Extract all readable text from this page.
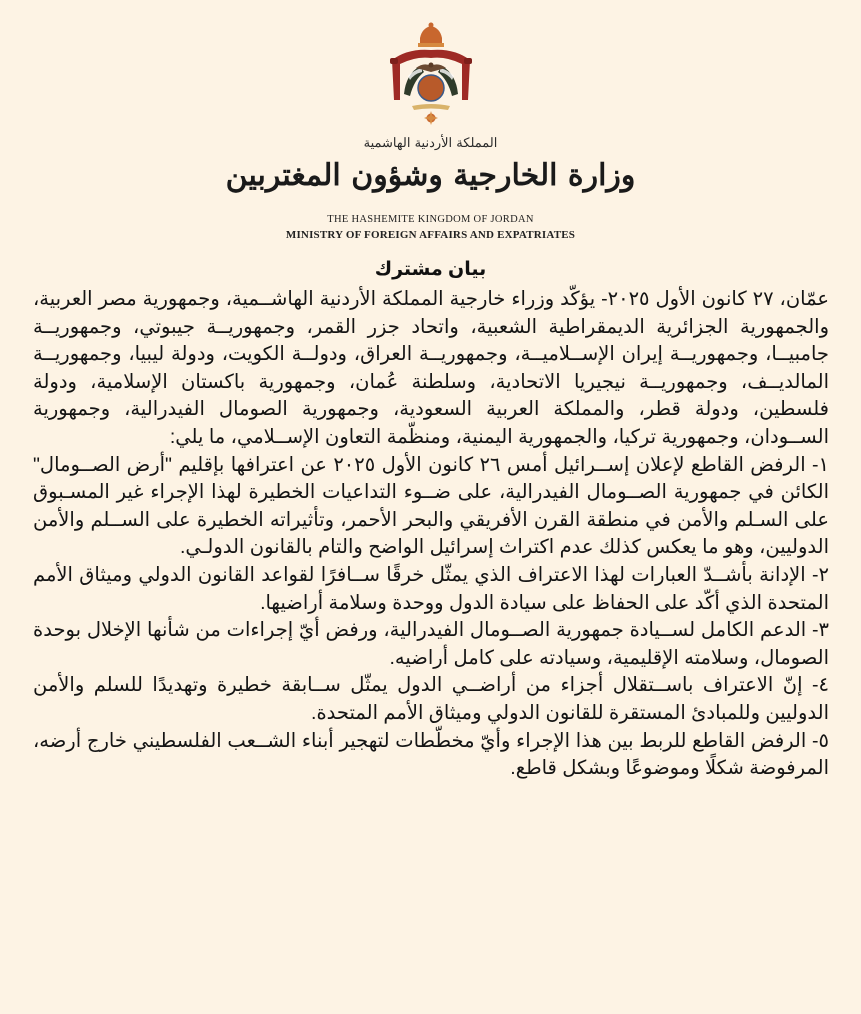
المملكة الأردنية الهاشمية
وزارة الخارجية وشؤون المغتربين
THE HASHEMITE KINGDOM OF JORDAN
MINISTRY OF FOREIGN AFFAIRS AND EXPATRIATES
بيان مشترك

عمّان، ٢٧ كانون الأول ٢٠٢٥- يؤكّد وزراء خارجية المملكة الأردنية الهاشــمية، وجمهورية مصر العربية، والجمهورية الجزائرية الديمقراطية الشعبية، واتحاد جزر القمر، وجمهوريــة جيبوتي، وجمهوريــة جامبيــا، وجمهوريــة إيران الإســلاميــة، وجمهوريــة العراق، ودولــة الكويت، ودولة ليبيا، وجمهوريــة المالديــف، وجمهوريــة نيجيريا الاتحادية، وسلطنة عُمان، وجمهورية باكستان الإسلامية، ودولة فلسطين، ودولة قطر، والمملكة العربية السعودية، وجمهورية الصومال الفيدرالية، وجمهورية الســودان، وجمهورية تركيا، والجمهورية اليمنية، ومنظّمة التعاون الإســلامي، ما يلي:

١- الرفض القاطع لإعلان إســرائيل أمس ٢٦ كانون الأول ٢٠٢٥ عن اعترافها بإقليم "أرض الصــومال" الكائن في جمهورية الصــومال الفيدرالية، على ضــوء التداعيات الخطيرة لهذا الإجراء غير المسـبوق على السـلم والأمن في منطقة القرن الأفريقي والبحر الأحمر، وتأثيراته الخطيرة على الســلم والأمن الدوليين، وهو ما يعكس كذلك عدم اكتراث إسرائيل الواضح والتام بالقانون الدولـي.

٢- الإدانة بأشــدّ العبارات لهذا الاعتراف الذي يمثّل خرقًا ســافرًا لقواعد القانون الدولي وميثاق الأمم المتحدة الذي أكّد على الحفاظ على سيادة الدول ووحدة وسلامة أراضيها.

٣- الدعم الكامل لســيادة جمهورية الصــومال الفيدرالية، ورفض أيّ إجراءات من شأنها الإخلال بوحدة الصومال، وسلامته الإقليمية، وسيادته على كامل أراضيه.

٤- إنّ الاعتراف باســتقلال أجزاء من أراضــي الدول يمثّل ســابقة خطيرة وتهديدًا للسلم والأمن الدوليين وللمبادئ المستقرة للقانون الدولي وميثاق الأمم المتحدة.

٥- الرفض القاطع للربط بين هذا الإجراء وأيّ مخطّطات لتهجير أبناء الشــعب الفلسطيني خارج أرضه، المرفوضة شكلًا وموضوعًا وبشكل قاطع.
